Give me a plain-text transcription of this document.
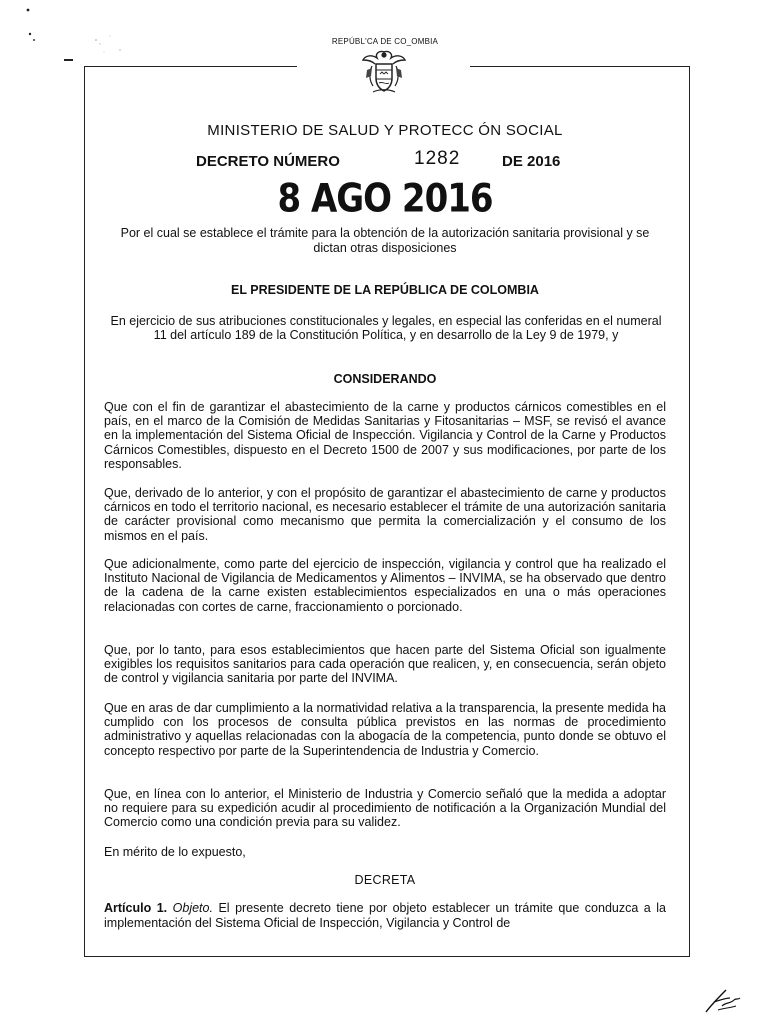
REPÚBL'CA DE CO_OMBIA
MINISTERIO DE SALUD Y PROTECC ÓN SOCIAL
DECRETO NÚMERO	1282	DE 2016
8 AGO 2016
Por el cual se establece el trámite para la obtención de la autorización sanitaria provisional y se dictan otras disposiciones
EL PRESIDENTE DE LA REPÚBLICA DE COLOMBIA
En ejercicio de sus atribuciones constitucionales y legales, en especial las conferidas en el numeral 11 del artículo 189 de la Constitución Política, y en desarrollo de la Ley 9 de 1979, y
CONSIDERANDO
Que con el fin de garantizar el abastecimiento de la carne y productos cárnicos comestibles en el país, en el marco de la Comisión de Medidas Sanitarias y Fitosanitarias – MSF, se revisó el avance en la implementación del Sistema Oficial de Inspección. Vigilancia y Control de la Carne y Productos Cárnicos Comestibles, dispuesto en el Decreto 1500 de 2007 y sus modificaciones, por parte de los responsables.
Que, derivado de lo anterior, y con el propósito de garantizar el abastecimiento de carne y productos cárnicos en todo el territorio nacional, es necesario establecer el trámite de una autorización sanitaria de carácter provisional como mecanismo que permita la comercialización y el consumo de los mismos en el país.
Que adicionalmente, como parte del ejercicio de inspección, vigilancia y control que ha realizado el Instituto Nacional de Vigilancia de Medicamentos y Alimentos – INVIMA, se ha observado que dentro de la cadena de la carne existen establecimientos especializados en una o más operaciones relacionadas con cortes de carne, fraccionamiento o porcionado.
Que, por lo tanto, para esos establecimientos que hacen parte del Sistema Oficial son igualmente exigibles los requisitos sanitarios para cada operación que realicen, y, en consecuencia, serán objeto de control y vigilancia sanitaria por parte del INVIMA.
Que en aras de dar cumplimiento a la normatividad relativa a la transparencia, la presente medida ha cumplido con los procesos de consulta pública previstos en las normas de procedimiento administrativo y aquellas relacionadas con la abogacía de la competencia, punto donde se obtuvo el concepto respectivo por parte de la Superintendencia de Industria y Comercio.
Que, en línea con lo anterior, el Ministerio de Industria y Comercio señaló que la medida a adoptar no requiere para su expedición acudir al procedimiento de notificación a la Organización Mundial del Comercio como una condición previa para su validez.
En mérito de lo expuesto,
DECRETA
Artículo 1. Objeto. El presente decreto tiene por objeto establecer un trámite que conduzca a la implementación del Sistema Oficial de Inspección, Vigilancia y Control de
